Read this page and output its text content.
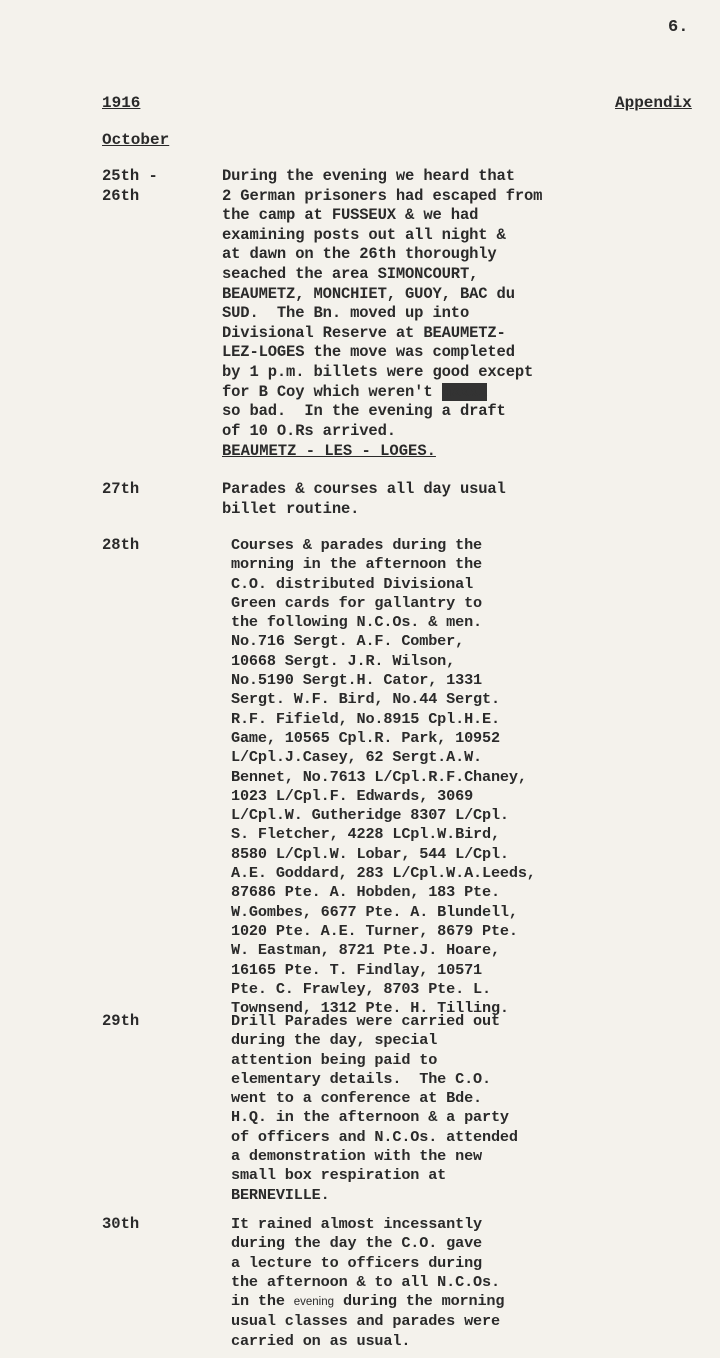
6.
1916	Appendix
October
25th -
26th
During the evening we heard that
2 German prisoners had escaped from
the camp at FUSSEUX & we had
examining posts out all night &
at dawn on the 26th thoroughly
seached the area SIMONCOURT,
BEAUMETZ, MONCHIET, GUOY, BAC du
SUD.  The Bn. moved up into
Divisional Reserve at BEAUMETZ-
LEZ-LOGES the move was completed
by 1 p.m. billets were good except
for B Coy which weren't gxxxx
so bad.  In the evening a draft
of 10 O.Rs arrived.
BEAUMETZ - LES - LOGES.
27th	Parades & courses all day usual
billet routine.
28th	Courses & parades during the
morning in the afternoon the
C.O. distributed Divisional
Green cards for gallantry to
the following N.C.Os. & men.
No.716 Sergt. A.F. Comber,
10668 Sergt. J.R. Wilson,
No.5190 Sergt.H. Cator, 1331
Sergt. W.F. Bird, No.44 Sergt.
R.F. Fifield, No.8915 Cpl.H.E.
Game, 10565 Cpl.R. Park, 10952
L/Cpl.J.Casey, 62 Sergt.A.W.
Bennet, No.7613 L/Cpl.R.F.Chaney,
1023 L/Cpl.F. Edwards, 3069
L/Cpl.W. Gutheridge 8307 L/Cpl.
S. Fletcher, 4228 LCpl.W.Bird,
8580 L/Cpl.W. Lobar, 544 L/Cpl.
A.E. Goddard, 283 L/Cpl.W.A.Leeds,
87686 Pte. A. Hobden, 183 Pte.
W.Gombes, 6677 Pte. A. Blundell,
1020 Pte. A.E. Turner, 8679 Pte.
W. Eastman, 8721 Pte.J. Hoare,
16165 Pte. T. Findlay, 10571
Pte. C. Frawley, 8703 Pte. L.
Townsend, 1312 Pte. H. Tilling.
29th	Drill Parades were carried out
during the day, special
attention being paid to
elementary details.  The C.O.
went to a conference at Bde.
H.Q. in the afternoon & a party
of officers and N.C.Os. attended
a demonstration with the new
small box respiration at
BERNEVILLE.
30th	It rained almost incessantly
during the day the C.O. gave
a lecture to officers during
the afternoon & to all N.C.Os.
in the evening during the morning
usual classes and parades were
carried on as usual.
